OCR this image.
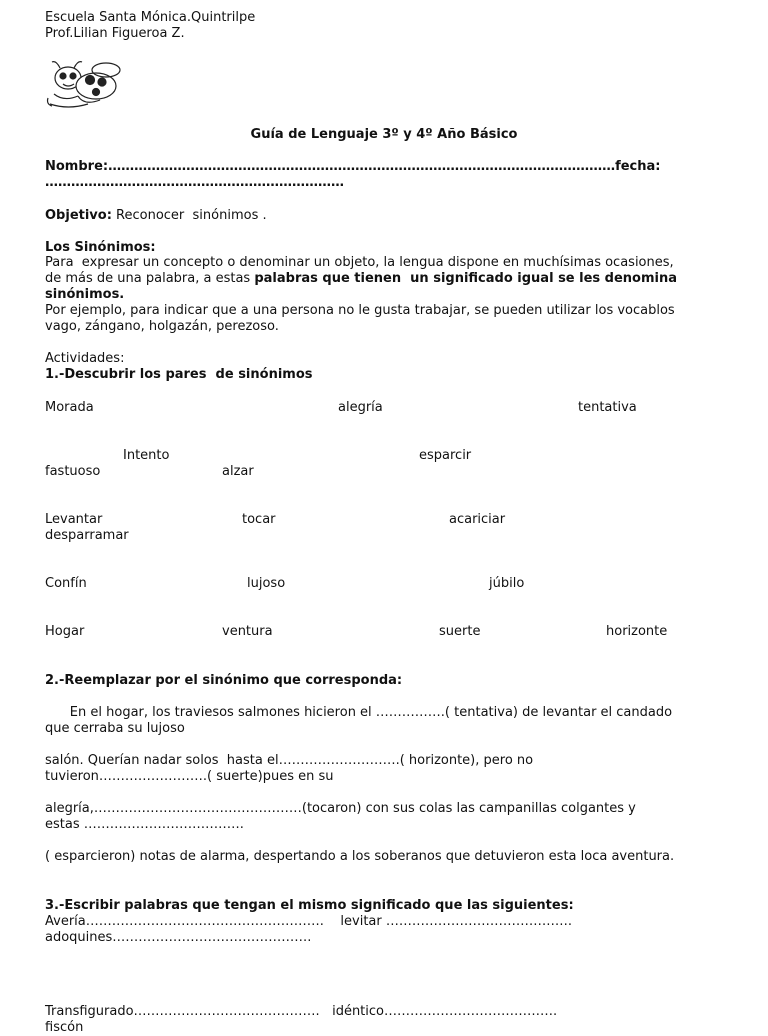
Escuela Santa Mónica.Quintrilpe
Prof.Lilian Figueroa Z.
Guía de Lenguaje 3º y 4º Año Básico
Nombre:………………………………………………………………………………………………………fecha:
……………………………………………………………
Objetivo: Reconocer  sinónimos .
Los Sinónimos:
Para  expresar un concepto o denominar un objeto, la lengua dispone en muchísimas ocasiones,
de más de una palabra, a estas palabras que tienen  un significado igual se les denomina
sinónimos.
Por ejemplo, para indicar que a una persona no le gusta trabajar, se pueden utilizar los vocablos
vago, zángano, holgazán, perezoso.
Actividades:
1.-Descubrir los pares  de sinónimos
Morada	alegría	tentativa
Intento	esparcir
fastuoso	alzar
Levantar	tocar	acariciar
desparramar
Confín	lujoso	júbilo
Hogar	ventura	suerte	horizonte
2.-Reemplazar por el sinónimo que corresponda:
En el hogar, los traviesos salmones hicieron el …………….( tentativa) de levantar el candado
que cerraba su lujoso
salón. Querían nadar solos  hasta el……………………….( horizonte), pero no
tuvieron…………………….( suerte)pues en su
alegría,…………………………………………(tocaron) con sus colas las campanillas colgantes y
estas ……………………………….
( esparcieron) notas de alarma, despertando a los soberanos que detuvieron esta loca aventura.
3.-Escribir palabras que tengan el mismo significado que las siguientes:
Avería……………………………………………….    levitar …………………………………….
adoquines……………………………………….
Transfigurado…………………………………….   idéntico………………………………….
fiscón
